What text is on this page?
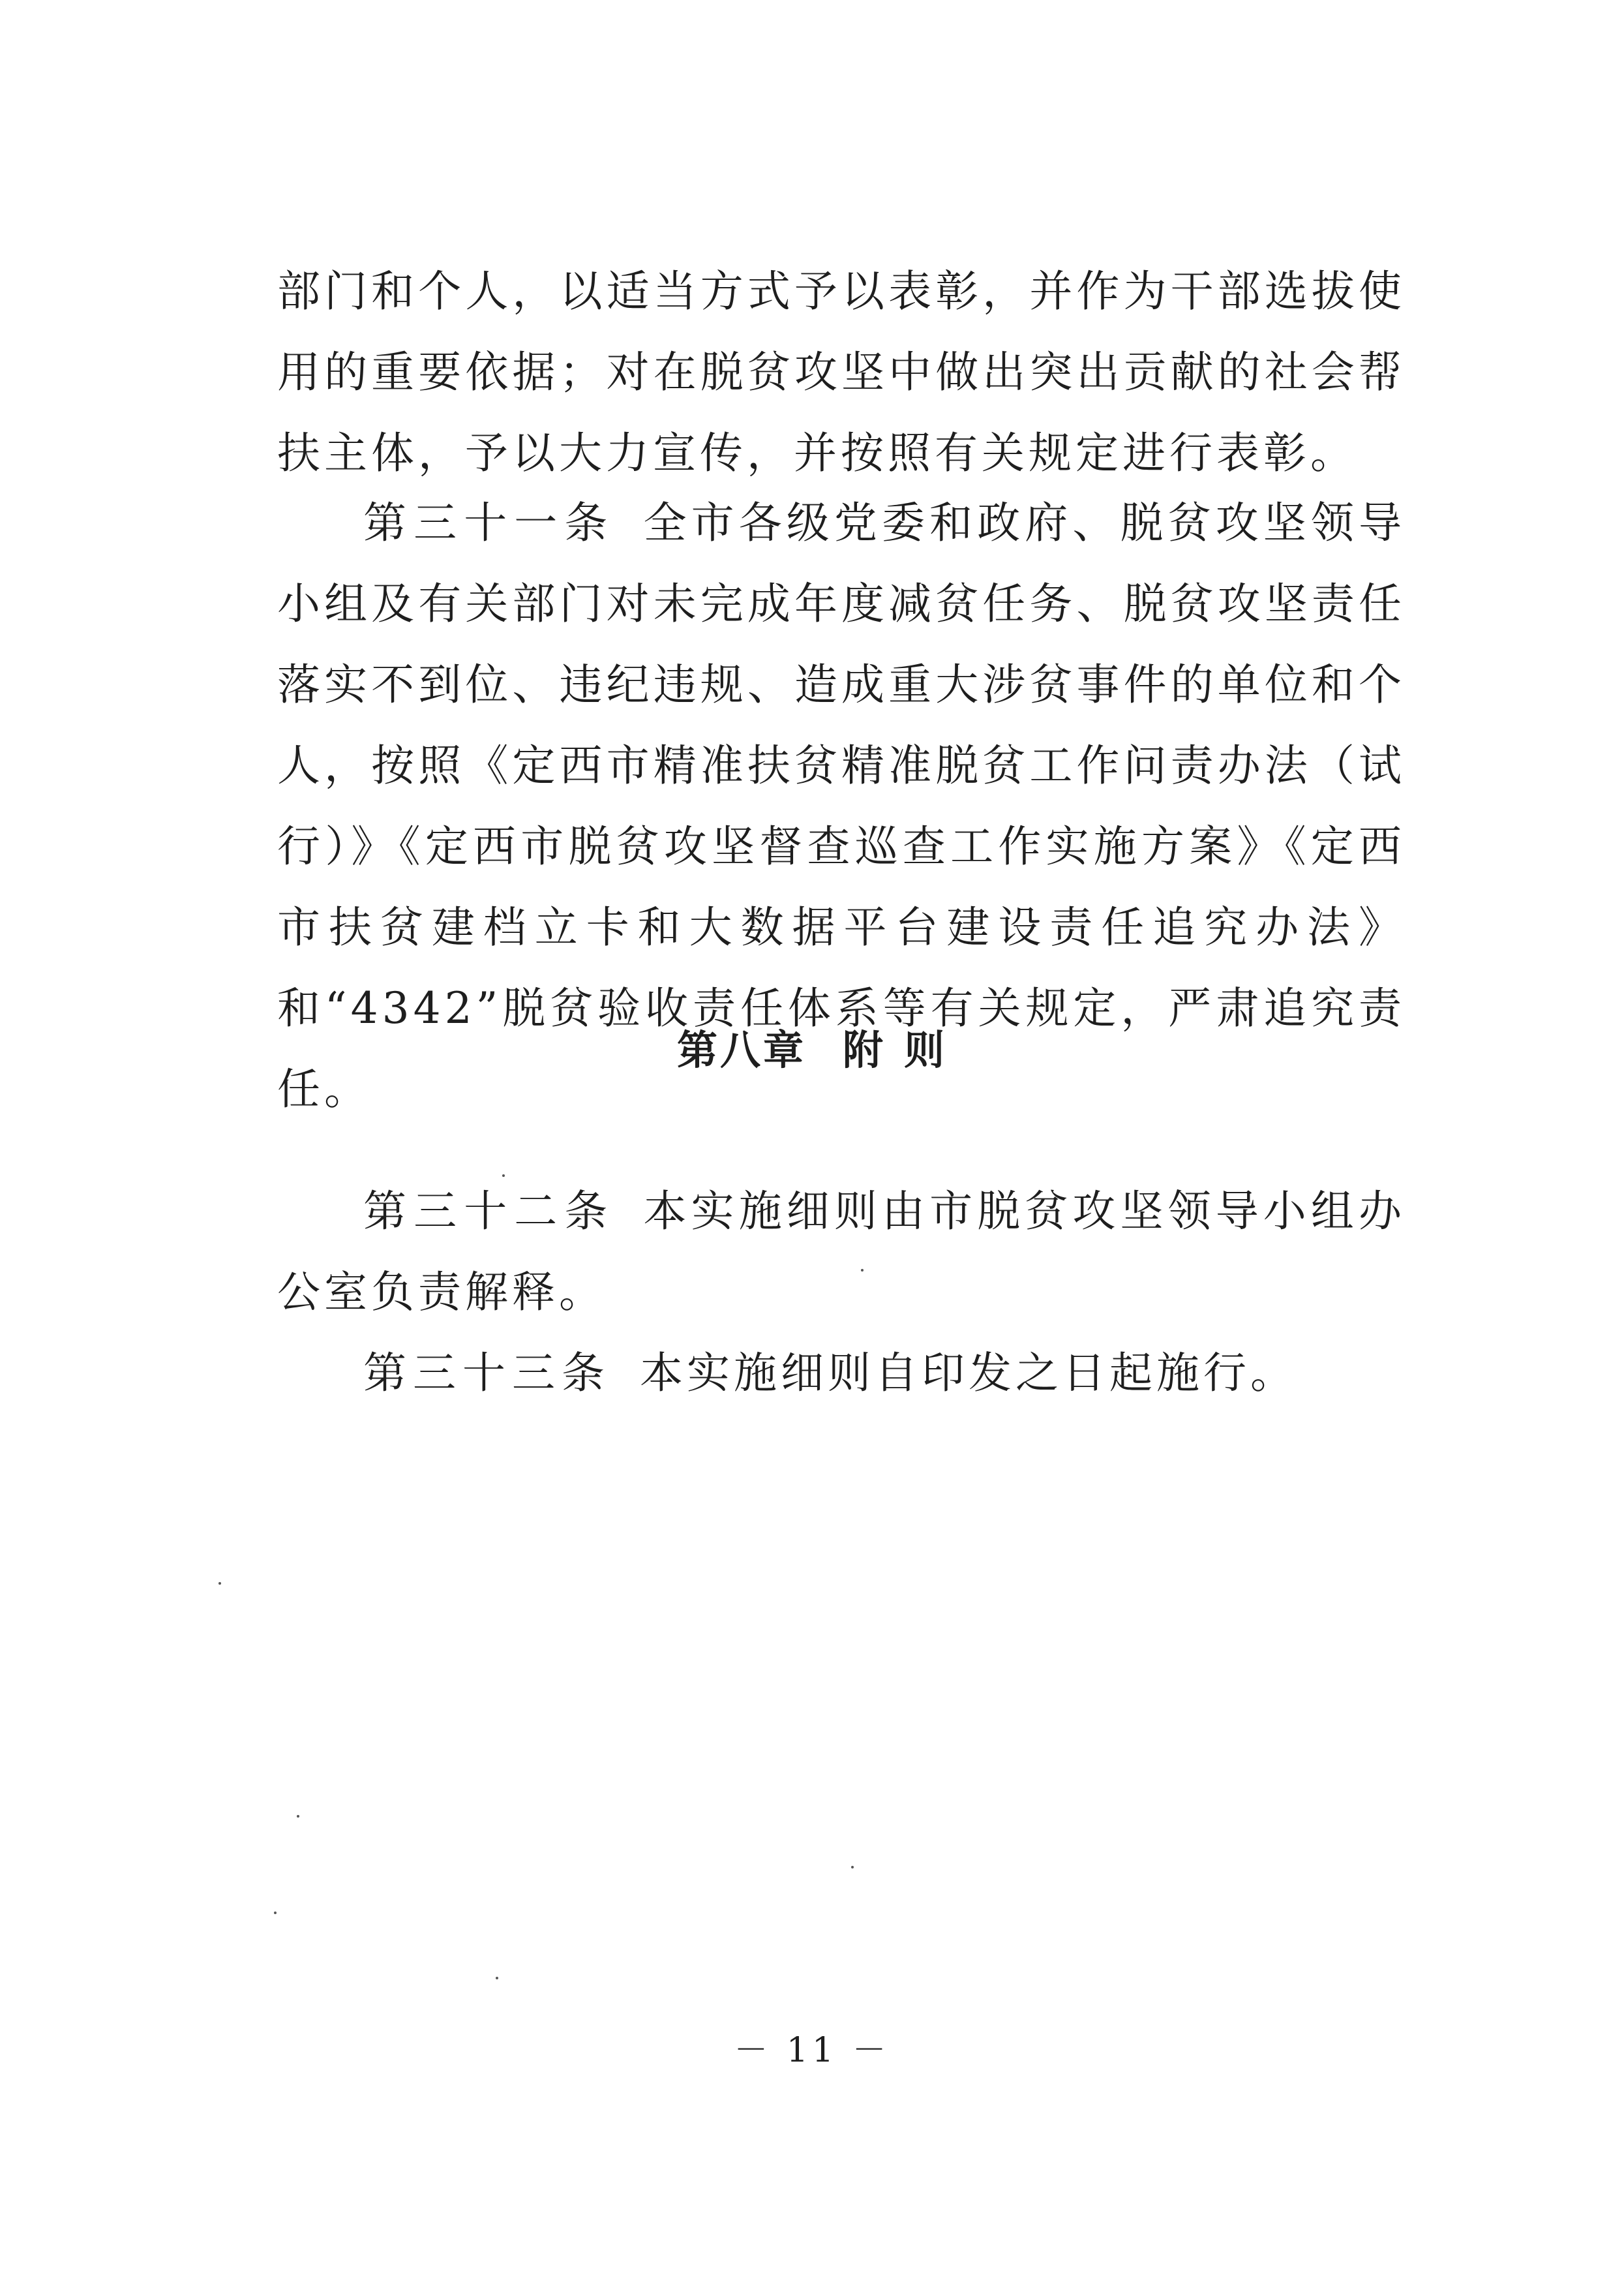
部门和个人，以适当方式予以表彰，并作为干部选拔使用的重要依据；对在脱贫攻坚中做出突出贡献的社会帮扶主体，予以大力宣传，并按照有关规定进行表彰。

第三十一条 全市各级党委和政府、脱贫攻坚领导小组及有关部门对未完成年度减贫任务、脱贫攻坚责任落实不到位、违纪违规、造成重大涉贫事件的单位和个人，按照《定西市精准扶贫精准脱贫工作问责办法（试行）》《定西市脱贫攻坚督查巡查工作实施方案》《定西市扶贫建档立卡和大数据平台建设责任追究办法》和“4342”脱贫验收责任体系等有关规定，严肃追究责任。

第八章 附 则

第三十二条 本实施细则由市脱贫攻坚领导小组办公室负责解释。

第三十三条 本实施细则自印发之日起施行。

－ 11 －
